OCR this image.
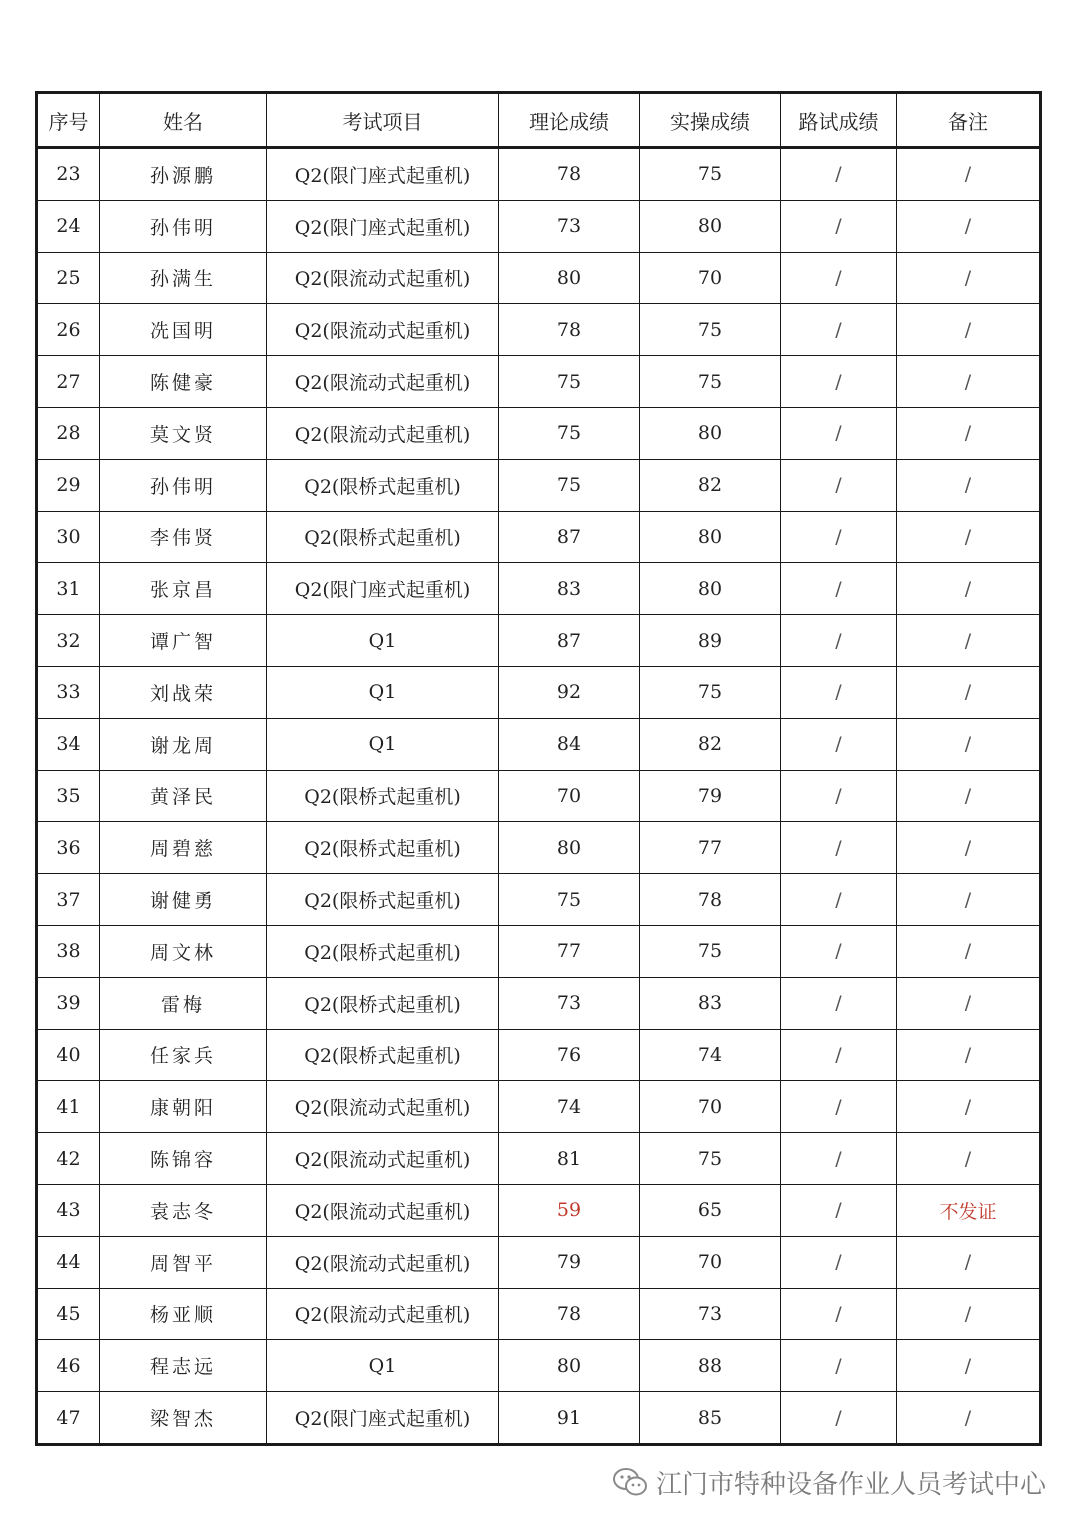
序号	姓名	考试项目	理论成绩	实操成绩	路试成绩	备注
23	孙源鹏	Q2(限门座式起重机)	78	75	/	/
24	孙伟明	Q2(限门座式起重机)	73	80	/	/
25	孙满生	Q2(限流动式起重机)	80	70	/	/
26	冼国明	Q2(限流动式起重机)	78	75	/	/
27	陈健豪	Q2(限流动式起重机)	75	75	/	/
28	莫文贤	Q2(限流动式起重机)	75	80	/	/
29	孙伟明	Q2(限桥式起重机)	75	82	/	/
30	李伟贤	Q2(限桥式起重机)	87	80	/	/
31	张京昌	Q2(限门座式起重机)	83	80	/	/
32	谭广智	Q1	87	89	/	/
33	刘战荣	Q1	92	75	/	/
34	谢龙周	Q1	84	82	/	/
35	黄泽民	Q2(限桥式起重机)	70	79	/	/
36	周碧慈	Q2(限桥式起重机)	80	77	/	/
37	谢健勇	Q2(限桥式起重机)	75	78	/	/
38	周文林	Q2(限桥式起重机)	77	75	/	/
39	雷梅	Q2(限桥式起重机)	73	83	/	/
40	任家兵	Q2(限桥式起重机)	76	74	/	/
41	康朝阳	Q2(限流动式起重机)	74	70	/	/
42	陈锦容	Q2(限流动式起重机)	81	75	/	/
43	袁志冬	Q2(限流动式起重机)	59	65	/	不发证
44	周智平	Q2(限流动式起重机)	79	70	/	/
45	杨亚顺	Q2(限流动式起重机)	78	73	/	/
46	程志远	Q1	80	88	/	/
47	梁智杰	Q2(限门座式起重机)	91	85	/	/
江门市特种设备作业人员考试中心
